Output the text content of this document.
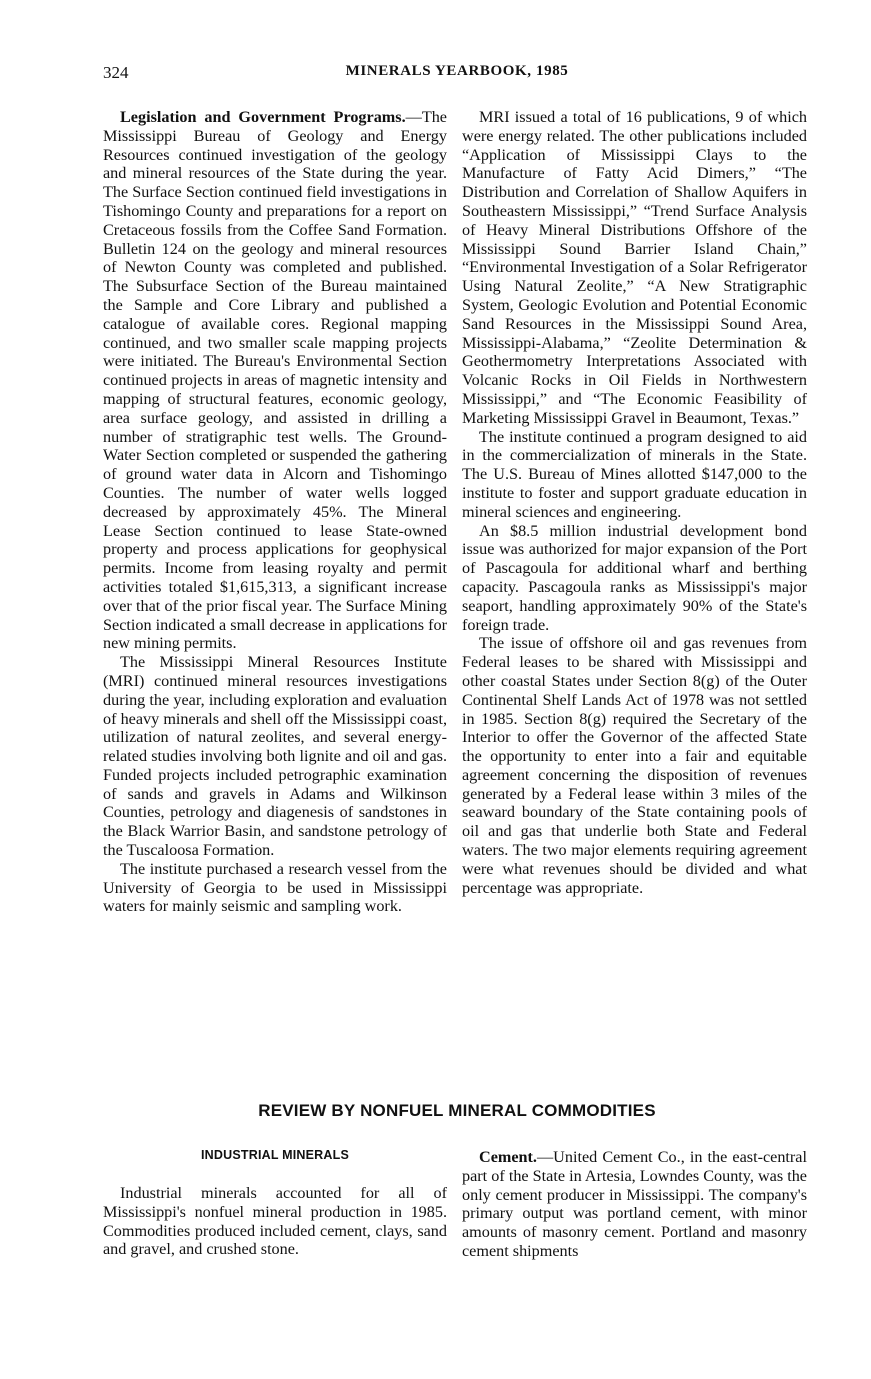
324	MINERALS YEARBOOK, 1985

Legislation and Government Programs.—The Mississippi Bureau of Geology and Energy Resources continued investigation of the geology and mineral resources of the State during the year. The Surface Section continued field investigations in Tishomingo County and preparations for a report on Cretaceous fossils from the Coffee Sand Formation. Bulletin 124 on the geology and mineral resources of Newton County was completed and published. The Subsurface Section of the Bureau maintained the Sample and Core Library and published a catalogue of available cores. Regional mapping continued, and two smaller scale mapping projects were initiated. The Bureau's Environmental Section continued projects in areas of magnetic intensity and mapping of structural features, economic geology, area surface geology, and assisted in drilling a number of stratigraphic test wells. The Ground-Water Section completed or suspended the gathering of ground water data in Alcorn and Tishomingo Counties. The number of water wells logged decreased by approximately 45%. The Mineral Lease Section continued to lease State-owned property and process applications for geophysical permits. Income from leasing royalty and permit activities totaled $1,615,313, a significant increase over that of the prior fiscal year. The Surface Mining Section indicated a small decrease in applications for new mining permits.

The Mississippi Mineral Resources Institute (MRI) continued mineral resources investigations during the year, including exploration and evaluation of heavy minerals and shell off the Mississippi coast, utilization of natural zeolites, and several energy-related studies involving both lignite and oil and gas. Funded projects included petrographic examination of sands and gravels in Adams and Wilkinson Counties, petrology and diagenesis of sandstones in the Black Warrior Basin, and sandstone petrology of the Tuscaloosa Formation.

The institute purchased a research vessel from the University of Georgia to be used in Mississippi waters for mainly seismic and sampling work.

MRI issued a total of 16 publications, 9 of which were energy related. The other publications included “Application of Mississippi Clays to the Manufacture of Fatty Acid Dimers,” “The Distribution and Correlation of Shallow Aquifers in Southeastern Mississippi,” “Trend Surface Analysis of Heavy Mineral Distributions Offshore of the Mississippi Sound Barrier Island Chain,” “Environmental Investigation of a Solar Refrigerator Using Natural Zeolite,” “A New Stratigraphic System, Geologic Evolution and Potential Economic Sand Resources in the Mississippi Sound Area, Mississippi-Alabama,” “Zeolite Determination & Geothermometry Interpretations Associated with Volcanic Rocks in Oil Fields in Northwestern Mississippi,” and “The Economic Feasibility of Marketing Mississippi Gravel in Beaumont, Texas.”

The institute continued a program designed to aid in the commercialization of minerals in the State. The U.S. Bureau of Mines allotted $147,000 to the institute to foster and support graduate education in mineral sciences and engineering.

An $8.5 million industrial development bond issue was authorized for major expansion of the Port of Pascagoula for additional wharf and berthing capacity. Pascagoula ranks as Mississippi's major seaport, handling approximately 90% of the State's foreign trade.

The issue of offshore oil and gas revenues from Federal leases to be shared with Mississippi and other coastal States under Section 8(g) of the Outer Continental Shelf Lands Act of 1978 was not settled in 1985. Section 8(g) required the Secretary of the Interior to offer the Governor of the affected State the opportunity to enter into a fair and equitable agreement concerning the disposition of revenues generated by a Federal lease within 3 miles of the seaward boundary of the State containing pools of oil and gas that underlie both State and Federal waters. The two major elements requiring agreement were what revenues should be divided and what percentage was appropriate.

REVIEW BY NONFUEL MINERAL COMMODITIES
INDUSTRIAL MINERALS

Industrial minerals accounted for all of Mississippi's nonfuel mineral production in 1985. Commodities produced included cement, clays, sand and gravel, and crushed stone.

Cement.—United Cement Co., in the east-central part of the State in Artesia, Lowndes County, was the only cement producer in Mississippi. The company's primary output was portland cement, with minor amounts of masonry cement. Portland and masonry cement shipments
